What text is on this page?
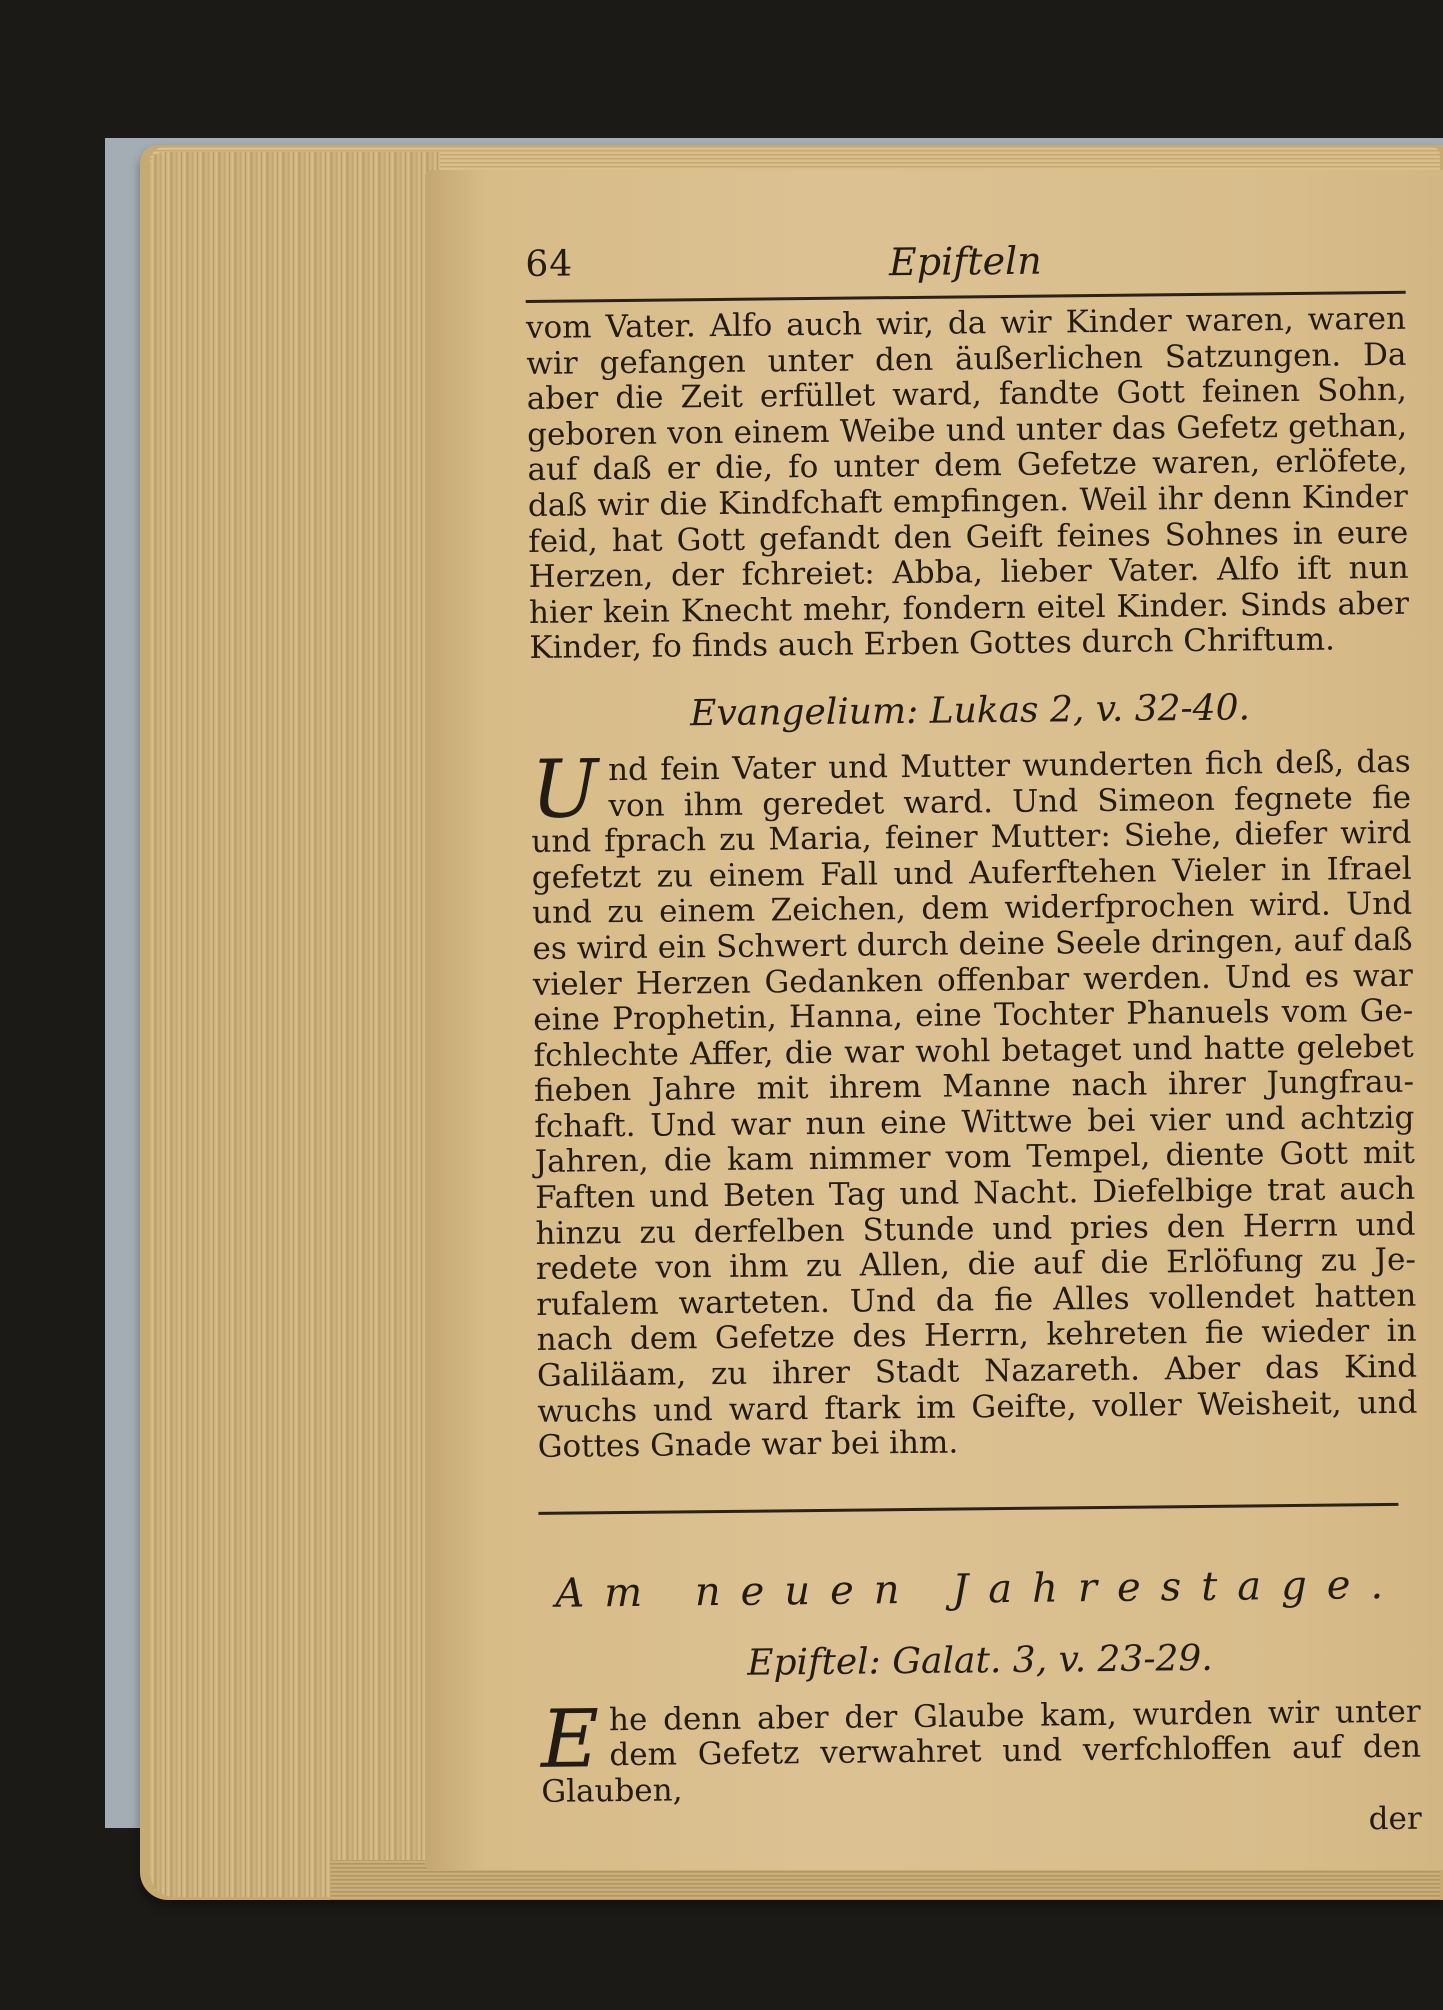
64	Epifteln

vom Vater. Alfo auch wir, da wir Kinder waren, waren wir gefangen unter den äußerlichen Satzungen. Da aber die Zeit erfüllet ward, fandte Gott feinen Sohn, geboren von einem Weibe und unter das Gefetz gethan, auf daß er die, fo unter dem Gefetze waren, erlöfete, daß wir die Kindfchaft empfingen. Weil ihr denn Kinder feid, hat Gott gefandt den Geift feines Sohnes in eure Herzen, der fchreiet: Abba, lieber Vater. Alfo ift nun hier kein Knecht mehr, fondern eitel Kinder. Sinds aber Kinder, fo finds auch Erben Gottes durch Chriftum.

Evangelium: Lukas 2, v. 32-40.

U nd fein Vater und Mutter wunderten fich deß, das von ihm geredet ward. Und Simeon fegnete fie und fprach zu Maria, feiner Mutter: Siehe, diefer wird gefetzt zu einem Fall und Auferftehen Vieler in Ifrael und zu einem Zeichen, dem widerfprochen wird. Und es wird ein Schwert durch deine Seele dringen, auf daß vieler Herzen Gedanken offenbar werden. Und es war eine Prophetin, Hanna, eine Tochter Phanuels vom Gefchlechte Affer, die war wohl betaget und hatte gelebet fieben Jahre mit ihrem Manne nach ihrer Jungfraufchaft. Und war nun eine Wittwe bei vier und achtzig Jahren, die kam nimmer vom Tempel, diente Gott mit Faften und Beten Tag und Nacht. Diefelbige trat auch hinzu zu derfelben Stunde und pries den Herrn und redete von ihm zu Allen, die auf die Erlöfung zu Jerufalem warteten. Und da fie Alles vollendet hatten nach dem Gefetze des Herrn, kehreten fie wieder in Galiläam, zu ihrer Stadt Nazareth. Aber das Kind wuchs und ward ftark im Geifte, voller Weisheit, und Gottes Gnade war bei ihm.

Am neuen Jahrestage.
Epiftel: Galat. 3, v. 23-29.

E he denn aber der Glaube kam, wurden wir unter dem Gefetz verwahret und verfchloffen auf den Glauben,

der
